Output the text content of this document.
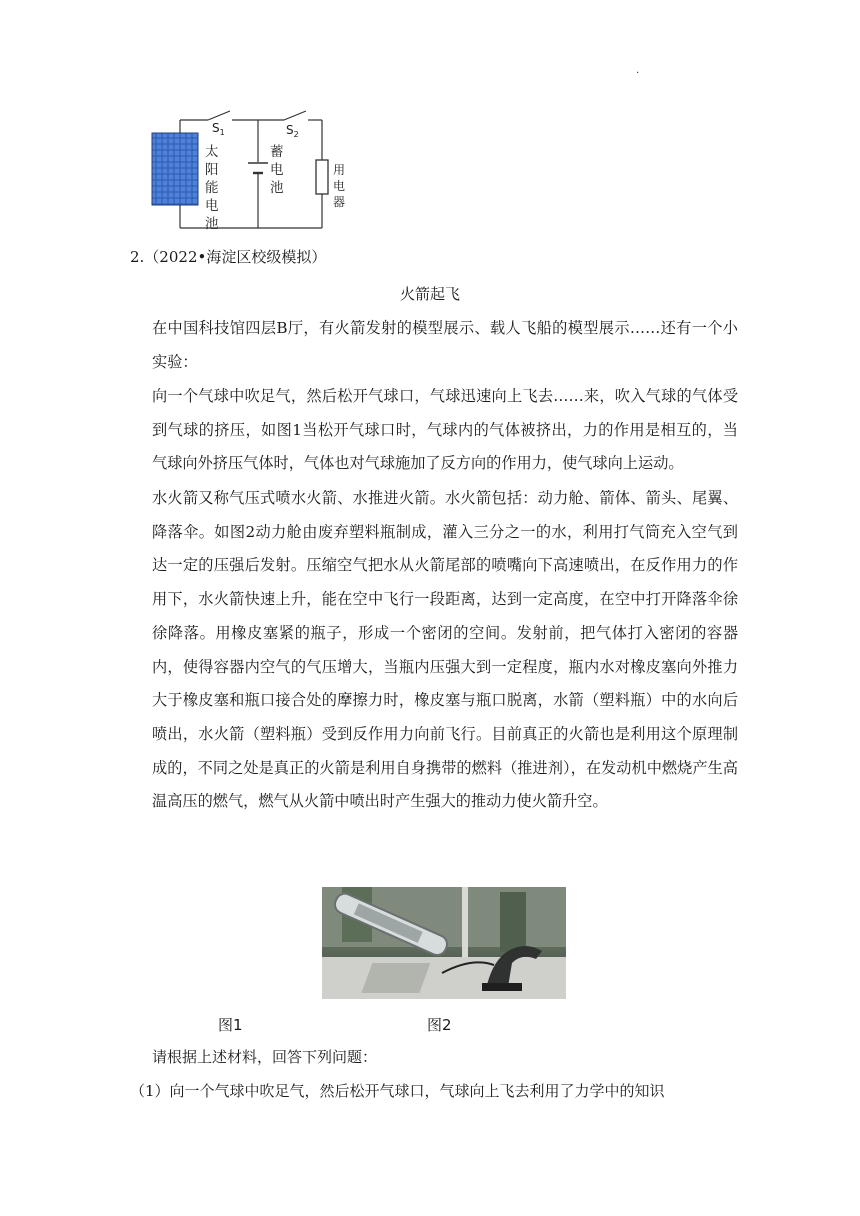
·
$S_1$	$S_2$
太
阳
能
电
池
蓄
电
池
用
电
器
2.（2022•海淀区校级模拟）
火箭起飞

在中国科技馆四层B厅，有火箭发射的模型展示、载人飞船的模型展示……还有一个小实验：

向一个气球中吹足气，然后松开气球口，气球迅速向上飞去……来，吹入气球的气体受到气球的挤压，如图1当松开气球口时，气球内的气体被挤出，力的作用是相互的，当气球向外挤压气体时，气体也对气球施加了反方向的作用力，使气球向上运动。

水火箭又称气压式喷水火箭、水推进火箭。水火箭包括：动力舱、箭体、箭头、尾翼、降落伞。如图2动力舱由废弃塑料瓶制成，灌入三分之一的水，利用打气筒充入空气到达一定的压强后发射。压缩空气把水从火箭尾部的喷嘴向下高速喷出，在反作用力的作用下，水火箭快速上升，能在空中飞行一段距离，达到一定高度，在空中打开降落伞徐徐降落。用橡皮塞紧的瓶子，形成一个密闭的空间。发射前，把气体打入密闭的容器内，使得容器内空气的气压增大，当瓶内压强大到一定程度，瓶内水对橡皮塞向外推力大于橡皮塞和瓶口接合处的摩擦力时，橡皮塞与瓶口脱离，水箭（塑料瓶）中的水向后喷出，水火箭（塑料瓶）受到反作用力向前飞行。目前真正的火箭也是利用这个原理制成的，不同之处是真正的火箭是利用自身携带的燃料（推进剂），在发动机中燃烧产生高温高压的燃气，燃气从火箭中喷出时产生强大的推动力使火箭升空。

图1	图2
请根据上述材料，回答下列问题：
（1）向一个气球中吹足气，然后松开气球口，气球向上飞去利用了力学中的知识
